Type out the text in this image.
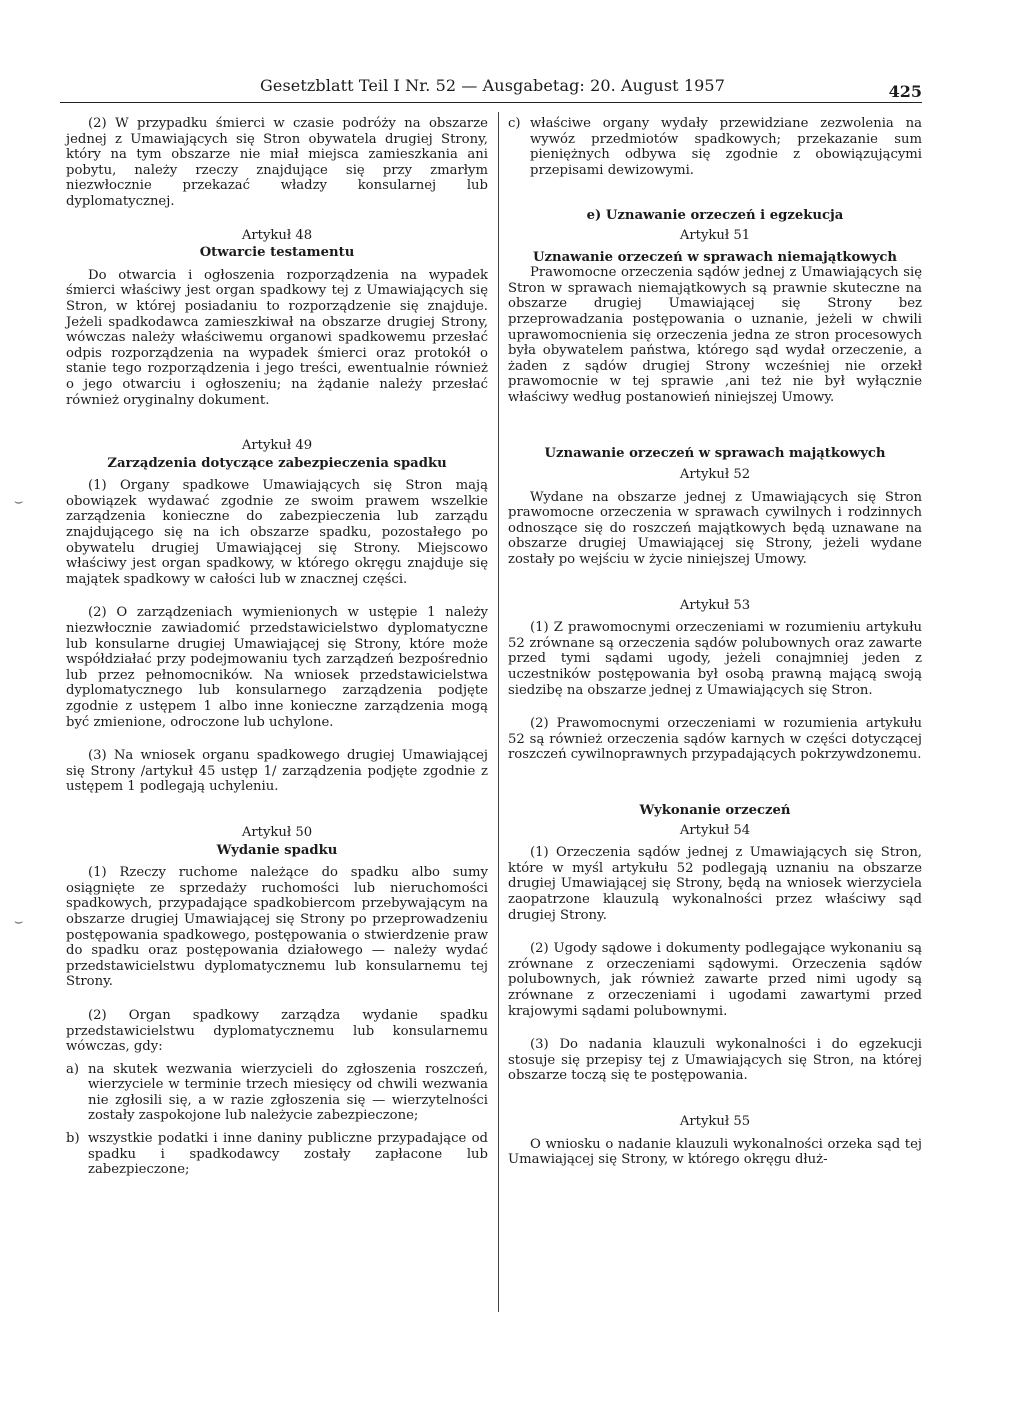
Gesetzblatt Teil I Nr. 52 — Ausgabetag: 20. August 1957	425
⌣
⌣

(2) W przypadku śmierci w czasie podróży na obszarze jednej z Umawiających się Stron obywatela drugiej Strony, który na tym obszarze nie miał miejsca zamieszkania ani pobytu, należy rzeczy znajdujące się przy zmarłym niezwłocznie przekazać władzy konsularnej lub dyplomatycznej.

Artykuł 48

Otwarcie testamentu

Do otwarcia i ogłoszenia rozporządzenia na wypadek śmierci właściwy jest organ spadkowy tej z Umawiających się Stron, w której posiadaniu to rozporządzenie się znajduje. Jeżeli spadkodawca zamieszkiwał na obszarze drugiej Strony, wówczas należy właściwemu organowi spadkowemu przesłać odpis rozporządzenia na wypadek śmierci oraz protokół o stanie tego rozporządzenia i jego treści, ewentualnie również o jego otwarciu i ogłoszeniu; na żądanie należy przesłać również oryginalny dokument.

Artykuł 49

Zarządzenia dotyczące zabezpieczenia spadku

(1) Organy spadkowe Umawiających się Stron mają obowiązek wydawać zgodnie ze swoim prawem wszelkie zarządzenia konieczne do zabezpieczenia lub zarządu znajdującego się na ich obszarze spadku, pozostałego po obywatelu drugiej Umawiającej się Strony. Miejscowo właściwy jest organ spadkowy, w którego okręgu znajduje się majątek spadkowy w całości lub w znacznej części.

(2) O zarządzeniach wymienionych w ustępie 1 należy niezwłocznie zawiadomić przedstawicielstwo dyplomatyczne lub konsularne drugiej Umawiającej się Strony, które może współdziałać przy podejmowaniu tych zarządzeń bezpośrednio lub przez pełnomocników. Na wniosek przedstawicielstwa dyplomatycznego lub konsularnego zarządzenia podjęte zgodnie z ustępem 1 albo inne konieczne zarządzenia mogą być zmienione, odroczone lub uchylone.

(3) Na wniosek organu spadkowego drugiej Umawiającej się Strony /artykuł 45 ustęp 1/ zarządzenia podjęte zgodnie z ustępem 1 podlegają uchyleniu.

Artykuł 50

Wydanie spadku

(1) Rzeczy ruchome należące do spadku albo sumy osiągnięte ze sprzedaży ruchomości lub nieruchomości spadkowych, przypadające spadkobiercom przebywającym na obszarze drugiej Umawiającej się Strony po przeprowadzeniu postępowania spadkowego, postępowania o stwierdzenie praw do spadku oraz postępowania działowego — należy wydać przedstawicielstwu dyplomatycznemu lub konsularnemu tej Strony.

(2) Organ spadkowy zarządza wydanie spadku przedstawicielstwu dyplomatycznemu lub konsularnemu wówczas, gdy:

a) na skutek wezwania wierzycieli do zgłoszenia roszczeń, wierzyciele w terminie trzech miesięcy od chwili wezwania nie zgłosili się, a w razie zgłoszenia się — wierzytelności zostały zaspokojone lub należycie zabezpieczone;
b) wszystkie podatki i inne daniny publiczne przypadające od spadku i spadkodawcy zostały zapłacone lub zabezpieczone;
c) właściwe organy wydały przewidziane zezwolenia na wywóz przedmiotów spadkowych; przekazanie sum pieniężnych odbywa się zgodnie z obowiązującymi przepisami dewizowymi.

e) Uznawanie orzeczeń i egzekucja

Artykuł 51

Uznawanie orzeczeń w sprawach niemajątkowych

Prawomocne orzeczenia sądów jednej z Umawiających się Stron w sprawach niemajątkowych są prawnie skuteczne na obszarze drugiej Umawiającej się Strony bez przeprowadzania postępowania o uznanie, jeżeli w chwili uprawomocnienia się orzeczenia jedna ze stron procesowych była obywatelem państwa, którego sąd wydał orzeczenie, a żaden z sądów drugiej Strony wcześniej nie orzekł prawomocnie w tej sprawie ,ani też nie był wyłącznie właściwy według postanowień niniejszej Umowy.

Uznawanie orzeczeń w sprawach majątkowych

Artykuł 52

Wydane na obszarze jednej z Umawiających się Stron prawomocne orzeczenia w sprawach cywilnych i rodzinnych odnoszące się do roszczeń majątkowych będą uznawane na obszarze drugiej Umawiającej się Strony, jeżeli wydane zostały po wejściu w życie niniejszej Umowy.

Artykuł 53

(1) Z prawomocnymi orzeczeniami w rozumieniu artykułu 52 zrównane są orzeczenia sądów polubownych oraz zawarte przed tymi sądami ugody, jeżeli conajmniej jeden z uczestników postępowania był osobą prawną mającą swoją siedzibę na obszarze jednej z Umawiających się Stron.

(2) Prawomocnymi orzeczeniami w rozumienia artykułu 52 są również orzeczenia sądów karnych w części dotyczącej roszczeń cywilnoprawnych przypadających pokrzywdzonemu.

Wykonanie orzeczeń

Artykuł 54

(1) Orzeczenia sądów jednej z Umawiających się Stron, które w myśl artykułu 52 podlegają uznaniu na obszarze drugiej Umawiającej się Strony, będą na wniosek wierzyciela zaopatrzone klauzulą wykonalności przez właściwy sąd drugiej Strony.

(2) Ugody sądowe i dokumenty podlegające wykonaniu są zrównane z orzeczeniami sądowymi. Orzeczenia sądów polubownych, jak również zawarte przed nimi ugody są zrównane z orzeczeniami i ugodami zawartymi przed krajowymi sądami polubownymi.

(3) Do nadania klauzuli wykonalności i do egzekucji stosuje się przepisy tej z Umawiających się Stron, na której obszarze toczą się te postępowania.

Artykuł 55

O wniosku o nadanie klauzuli wykonalności orzeka sąd tej Umawiającej się Strony, w którego okręgu dłuż-
